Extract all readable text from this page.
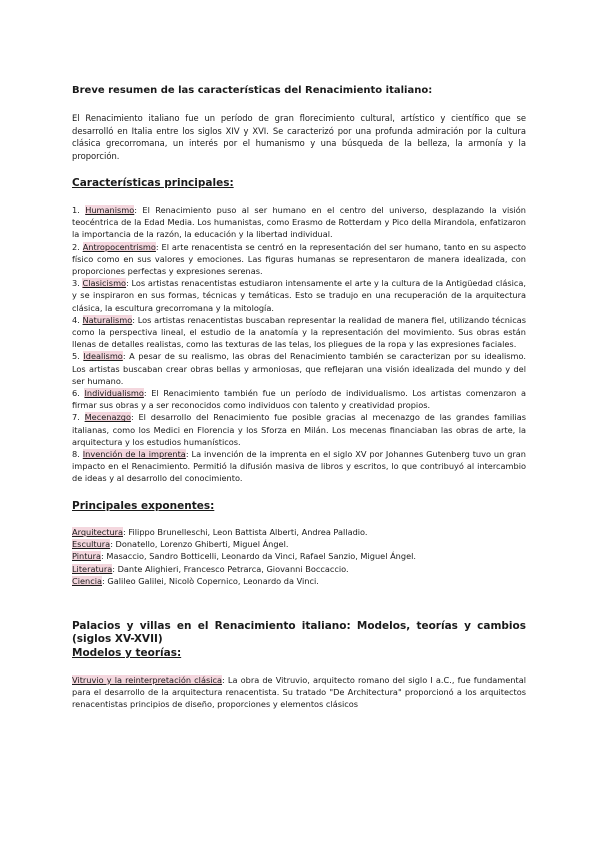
Breve resumen de las características del Renacimiento italiano:

El Renacimiento italiano fue un período de gran florecimiento cultural, artístico y científico que se desarrolló en Italia entre los siglos XIV y XVI. Se caracterizó por una profunda admiración por la cultura clásica grecorromana, un interés por el humanismo y una búsqueda de la belleza, la armonía y la proporción.

Características principales:

1. Humanismo: El Renacimiento puso al ser humano en el centro del universo, desplazando la visión teocéntrica de la Edad Media. Los humanistas, como Erasmo de Rotterdam y Pico della Mirandola, enfatizaron la importancia de la razón, la educación y la libertad individual.
2. Antropocentrismo: El arte renacentista se centró en la representación del ser humano, tanto en su aspecto físico como en sus valores y emociones. Las figuras humanas se representaron de manera idealizada, con proporciones perfectas y expresiones serenas.
3. Clasicismo: Los artistas renacentistas estudiaron intensamente el arte y la cultura de la Antigüedad clásica, y se inspiraron en sus formas, técnicas y temáticas. Esto se tradujo en una recuperación de la arquitectura clásica, la escultura grecorromana y la mitología.
4. Naturalismo: Los artistas renacentistas buscaban representar la realidad de manera fiel, utilizando técnicas como la perspectiva lineal, el estudio de la anatomía y la representación del movimiento. Sus obras están llenas de detalles realistas, como las texturas de las telas, los pliegues de la ropa y las expresiones faciales.
5. Idealismo: A pesar de su realismo, las obras del Renacimiento también se caracterizan por su idealismo. Los artistas buscaban crear obras bellas y armoniosas, que reflejaran una visión idealizada del mundo y del ser humano.
6. Individualismo: El Renacimiento también fue un período de individualismo. Los artistas comenzaron a firmar sus obras y a ser reconocidos como individuos con talento y creatividad propios.
7. Mecenazgo: El desarrollo del Renacimiento fue posible gracias al mecenazgo de las grandes familias italianas, como los Medici en Florencia y los Sforza en Milán. Los mecenas financiaban las obras de arte, la arquitectura y los estudios humanísticos.
8. Invención de la imprenta: La invención de la imprenta en el siglo XV por Johannes Gutenberg tuvo un gran impacto en el Renacimiento. Permitió la difusión masiva de libros y escritos, lo que contribuyó al intercambio de ideas y al desarrollo del conocimiento.

Principales exponentes:

Arquitectura: Filippo Brunelleschi, Leon Battista Alberti, Andrea Palladio.
Escultura: Donatello, Lorenzo Ghiberti, Miguel Ángel.
Pintura: Masaccio, Sandro Botticelli, Leonardo da Vinci, Rafael Sanzio, Miguel Ángel.
Literatura: Dante Alighieri, Francesco Petrarca, Giovanni Boccaccio.
Ciencia: Galileo Galilei, Nicolò Copernico, Leonardo da Vinci.

Palacios y villas en el Renacimiento italiano: Modelos, teorías y cambios (siglos XV-XVII)

Modelos y teorías:

Vitruvio y la reinterpretación clásica: La obra de Vitruvio, arquitecto romano del siglo I a.C., fue fundamental para el desarrollo de la arquitectura renacentista. Su tratado "De Architectura" proporcionó a los arquitectos renacentistas principios de diseño, proporciones y elementos clásicos
